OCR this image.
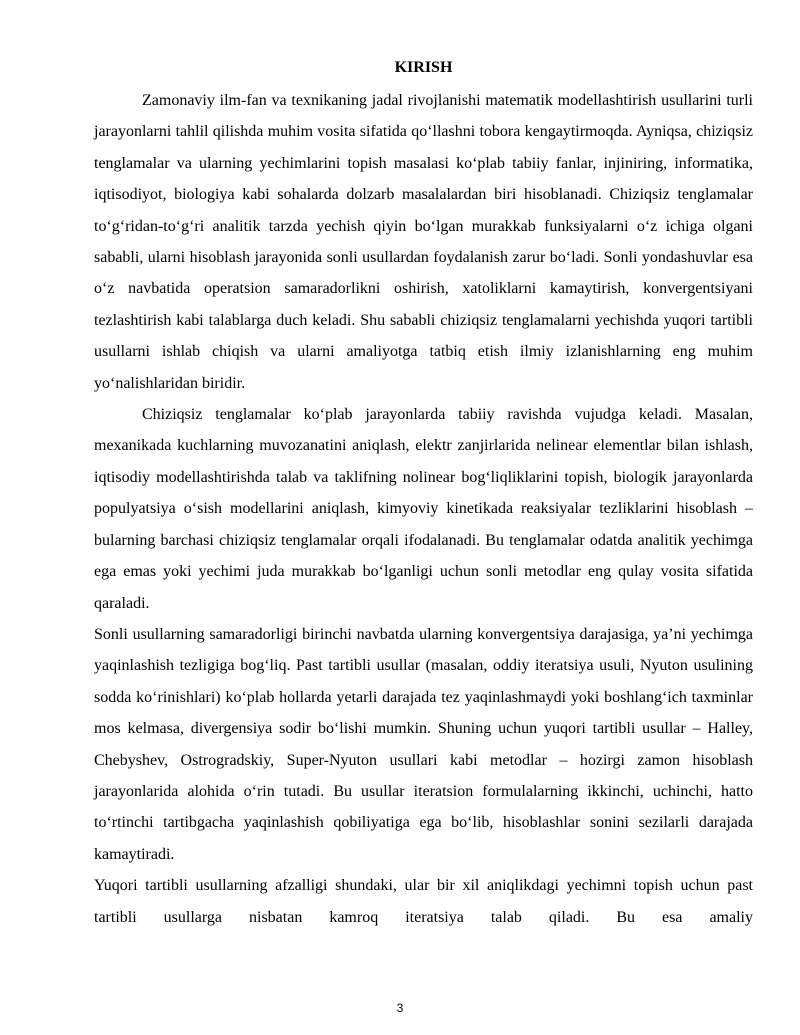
KIRISH

Zamonaviy ilm-fan va texnikaning jadal rivojlanishi matematik modellashtirish usullarini turli jarayonlarni tahlil qilishda muhim vosita sifatida qo‘llashni tobora kengaytirmoqda. Ayniqsa, chiziqsiz tenglamalar va ularning yechimlarini topish masalasi ko‘plab tabiiy fanlar, injiniring, informatika, iqtisodiyot, biologiya kabi sohalarda dolzarb masalalardan biri hisoblanadi. Chiziqsiz tenglamalar to‘g‘ridan-to‘g‘ri analitik tarzda yechish qiyin bo‘lgan murakkab funksiyalarni o‘z ichiga olgani sababli, ularni hisoblash jarayonida sonli usullardan foydalanish zarur bo‘ladi. Sonli yondashuvlar esa o‘z navbatida operatsion samaradorlikni oshirish, xatoliklarni kamaytirish, konvergentsiyani tezlashtirish kabi talablarga duch keladi. Shu sababli chiziqsiz tenglamalarni yechishda yuqori tartibli usullarni ishlab chiqish va ularni amaliyotga tatbiq etish ilmiy izlanishlarning eng muhim yo‘nalishlaridan biridir.

Chiziqsiz tenglamalar ko‘plab jarayonlarda tabiiy ravishda vujudga keladi. Masalan, mexanikada kuchlarning muvozanatini aniqlash, elektr zanjirlarida nelinear elementlar bilan ishlash, iqtisodiy modellashtirishda talab va taklifning nolinear bog‘liqliklarini topish, biologik jarayonlarda populyatsiya o‘sish modellarini aniqlash, kimyoviy kinetikada reaksiyalar tezliklarini hisoblash – bularning barchasi chiziqsiz tenglamalar orqali ifodalanadi. Bu tenglamalar odatda analitik yechimga ega emas yoki yechimi juda murakkab bo‘lganligi uchun sonli metodlar eng qulay vosita sifatida qaraladi.

Sonli usullarning samaradorligi birinchi navbatda ularning konvergentsiya darajasiga, ya’ni yechimga yaqinlashish tezligiga bog‘liq. Past tartibli usullar (masalan, oddiy iteratsiya usuli, Nyuton usulining sodda ko‘rinishlari) ko‘plab hollarda yetarli darajada tez yaqinlashmaydi yoki boshlang‘ich taxminlar mos kelmasa, divergensiya sodir bo‘lishi mumkin. Shuning uchun yuqori tartibli usullar – Halley, Chebyshev, Ostrogradskiy, Super-Nyuton usullari kabi metodlar – hozirgi zamon hisoblash jarayonlarida alohida o‘rin tutadi. Bu usullar iteratsion formulalarning ikkinchi, uchinchi, hatto to‘rtinchi tartibgacha yaqinlashish qobiliyatiga ega bo‘lib, hisoblashlar sonini sezilarli darajada kamaytiradi.

Yuqori tartibli usullarning afzalligi shundaki, ular bir xil aniqlikdagi yechimni topish uchun past tartibli usullarga nisbatan kamroq iteratsiya talab qiladi. Bu esa amaliy

3
